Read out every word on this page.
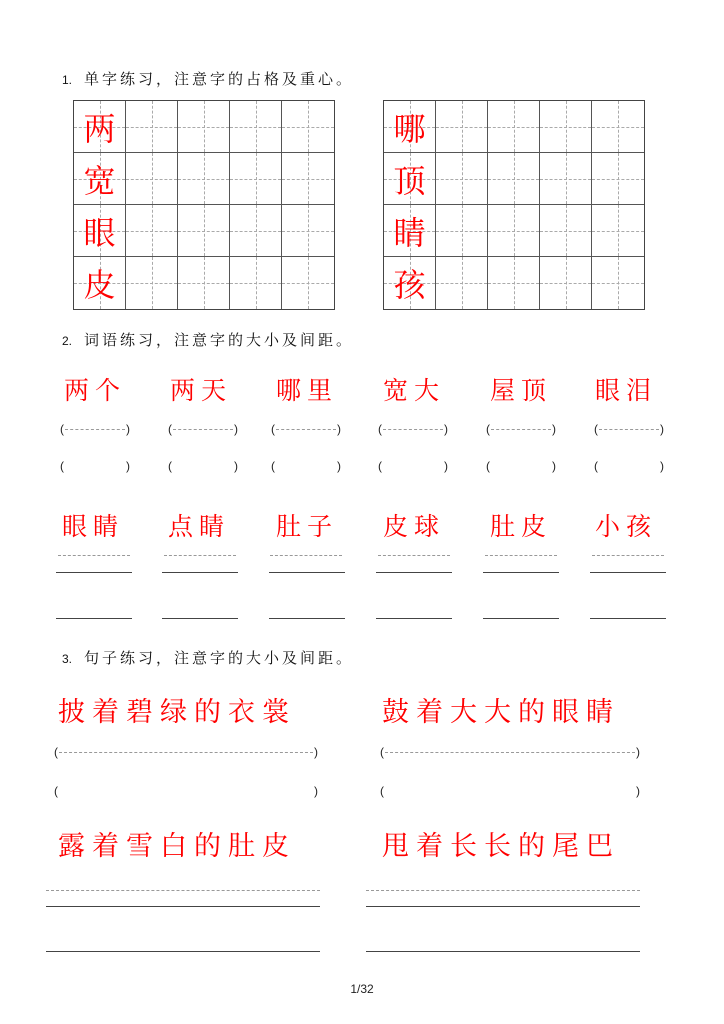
1. 单字练习，注意字的占格及重心。
两
宽
眼
皮
哪
顶
睛
孩
2. 词语练习，注意字的大小及间距。
两个 两天 哪里 宽大 屋顶 眼泪
(	)	(	)	(	)	(	)	(	)	(	)
(	)	(	)	(	)	(	)	(	)	(	)
眼睛 点睛 肚子 皮球 肚皮 小孩
3. 句子练习，注意字的大小及间距。
披着碧绿的衣裳	鼓着大大的眼睛
(	)	(	)
(	)	(	)
露着雪白的肚皮	甩着长长的尾巴
1/32
